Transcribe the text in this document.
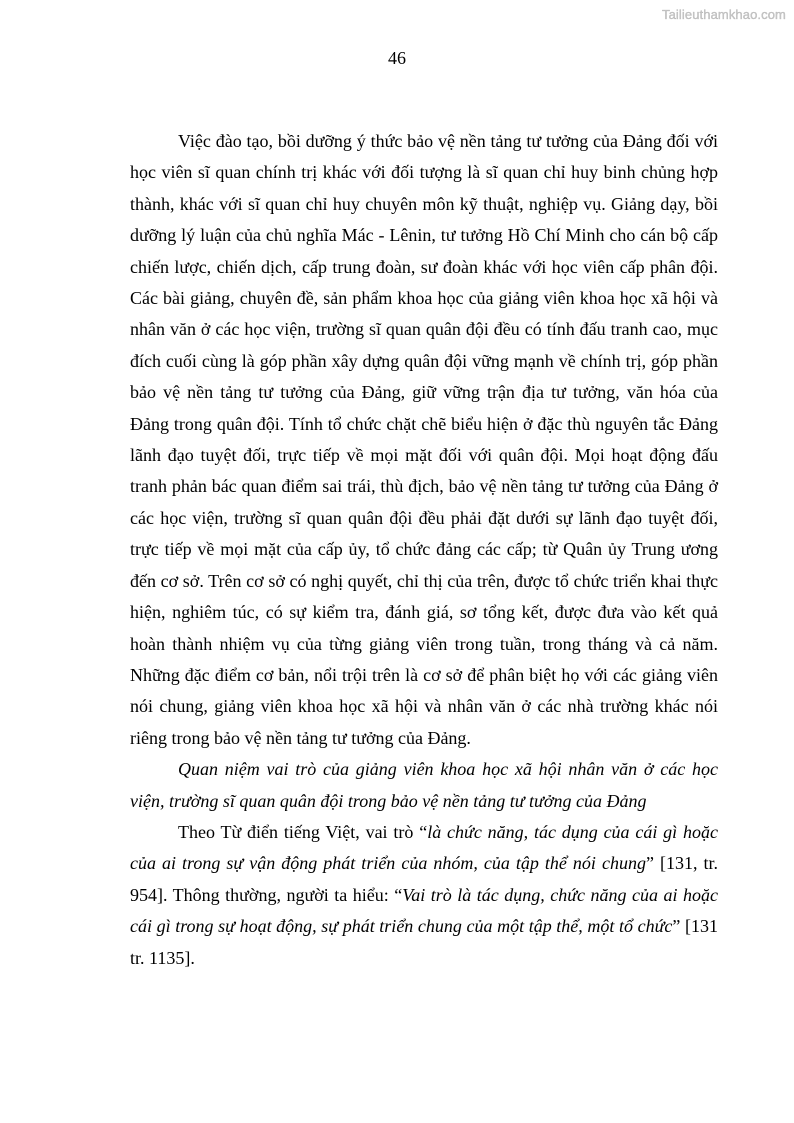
Tailieuthamkhao.com
46

Việc đào tạo, bồi dưỡng ý thức bảo vệ nền tảng tư tưởng của Đảng đối với học viên sĩ quan chính trị khác với đối tượng là sĩ quan chỉ huy binh chủng hợp thành, khác với sĩ quan chỉ huy chuyên môn kỹ thuật, nghiệp vụ. Giảng dạy, bồi dưỡng lý luận của chủ nghĩa Mác - Lênin, tư tưởng Hồ Chí Minh cho cán bộ cấp chiến lược, chiến dịch, cấp trung đoàn, sư đoàn khác với học viên cấp phân đội. Các bài giảng, chuyên đề, sản phẩm khoa học của giảng viên khoa học xã hội và nhân văn ở các học viện, trường sĩ quan quân đội đều có tính đấu tranh cao, mục đích cuối cùng là góp phần xây dựng quân đội vững mạnh về chính trị, góp phần bảo vệ nền tảng tư tưởng của Đảng, giữ vững trận địa tư tưởng, văn hóa của Đảng trong quân đội. Tính tổ chức chặt chẽ biểu hiện ở đặc thù nguyên tắc Đảng lãnh đạo tuyệt đối, trực tiếp về mọi mặt đối với quân đội. Mọi hoạt động đấu tranh phản bác quan điểm sai trái, thù địch, bảo vệ nền tảng tư tưởng của Đảng ở các học viện, trường sĩ quan quân đội đều phải đặt dưới sự lãnh đạo tuyệt đối, trực tiếp về mọi mặt của cấp ủy, tổ chức đảng các cấp; từ Quân ủy Trung ương đến cơ sở. Trên cơ sở có nghị quyết, chỉ thị của trên, được tổ chức triển khai thực hiện, nghiêm túc, có sự kiểm tra, đánh giá, sơ tổng kết, được đưa vào kết quả hoàn thành nhiệm vụ của từng giảng viên trong tuần, trong tháng và cả năm. Những đặc điểm cơ bản, nổi trội trên là cơ sở để phân biệt họ với các giảng viên nói chung, giảng viên khoa học xã hội và nhân văn ở các nhà trường khác nói riêng trong bảo vệ nền tảng tư tưởng của Đảng.

Quan niệm vai trò của giảng viên khoa học xã hội nhân văn ở các học viện, trường sĩ quan quân đội trong bảo vệ nền tảng tư tưởng của Đảng

Theo Từ điển tiếng Việt, vai trò “là chức năng, tác dụng của cái gì hoặc của ai trong sự vận động phát triển của nhóm, của tập thể nói chung” [131, tr. 954]. Thông thường, người ta hiểu: “Vai trò là tác dụng, chức năng của ai hoặc cái gì trong sự hoạt động, sự phát triển chung của một tập thể, một tổ chức” [131 tr. 1135].
